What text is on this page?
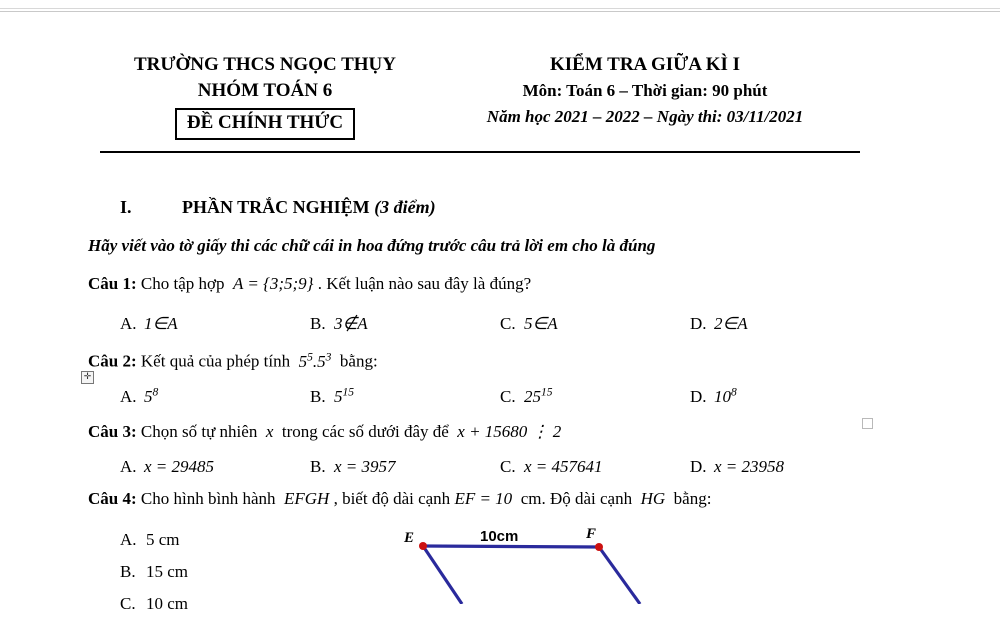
TRƯỜNG THCS NGỌC THỤY
NHÓM TOÁN 6
ĐỀ CHÍNH THỨC
KIỂM TRA GIỮA KÌ I
Môn: Toán 6 – Thời gian: 90 phút
Năm học 2021 – 2022 – Ngày thi: 03/11/2021
I.	PHẦN TRẮC NGHIỆM (3 điểm)
Hãy viết vào tờ giấy thi các chữ cái in hoa đứng trước câu trả lời em cho là đúng
Câu 1: Cho tập hợp A = {3;5;9} . Kết luận nào sau đây là đúng?
A. 1∈A	B. 3∉A	C. 5∈A	D. 2∈A
Câu 2: Kết quả của phép tính $5^5.5^3$ bằng:
A. $5^8$	B. $5^{15}$	C. $25^{15}$	D. $10^8$
Câu 3: Chọn số tự nhiên x trong các số dưới đây để x + 15680 ⋮ 2
A. x = 29485	B. x = 3957	C. x = 457641	D. x = 23958
Câu 4: Cho hình bình hành EFGH , biết độ dài cạnh EF = 10 cm. Độ dài cạnh HG bằng:
A. 5 cm
B. 15 cm
C. 10 cm
E	F
10cm
✛
